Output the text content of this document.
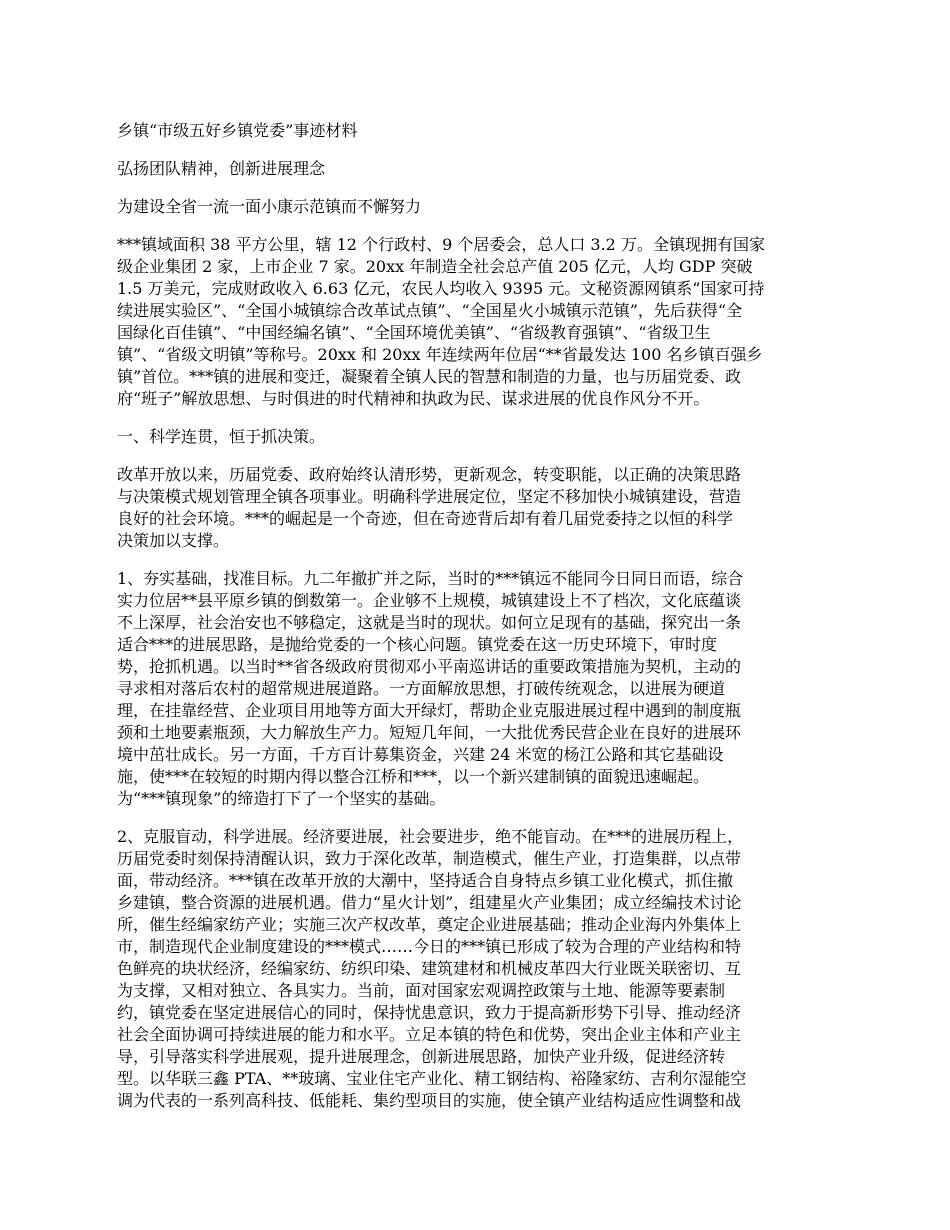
乡镇“市级五好乡镇党委”事迹材料

弘扬团队精神，创新进展理念

为建设全省一流一面小康示范镇而不懈努力

***镇域面积 38 平方公里，辖 12 个行政村、9 个居委会，总人口 3.2 万。全镇现拥有国家
级企业集团 2 家，上市企业 7 家。20xx 年制造全社会总产值 205 亿元，人均 GDP 突破
1.5 万美元，完成财政收入 6.63 亿元，农民人均收入 9395 元。文秘资源网镇系“国家可持
续进展实验区”、“全国小城镇综合改革试点镇”、“全国星火小城镇示范镇”，先后获得“全
国绿化百佳镇”、“中国经编名镇”、“全国环境优美镇”、“省级教育强镇”、“省级卫生
镇”、“省级文明镇”等称号。20xx 和 20xx 年连续两年位居“**省最发达 100 名乡镇百强乡
镇”首位。***镇的进展和变迁，凝聚着全镇人民的智慧和制造的力量，也与历届党委、政
府“班子”解放思想、与时俱进的时代精神和执政为民、谋求进展的优良作风分不开。

一、科学连贯，恒于抓决策。

改革开放以来，历届党委、政府始终认清形势，更新观念，转变职能，以正确的决策思路
与决策模式规划管理全镇各项事业。明确科学进展定位，坚定不移加快小城镇建设，营造
良好的社会环境。***的崛起是一个奇迹，但在奇迹背后却有着几届党委持之以恒的科学
决策加以支撑。
1、夯实基础，找准目标。九二年撤扩并之际，当时的***镇远不能同今日同日而语，综合
实力位居**县平原乡镇的倒数第一。企业够不上规模，城镇建设上不了档次，文化底蕴谈
不上深厚，社会治安也不够稳定，这就是当时的现状。如何立足现有的基础，探究出一条
适合***的进展思路，是抛给党委的一个核心问题。镇党委在这一历史环境下，审时度
势，抢抓机遇。以当时**省各级政府贯彻邓小平南巡讲话的重要政策措施为契机，主动的
寻求相对落后农村的超常规进展道路。一方面解放思想，打破传统观念，以进展为硬道
理，在挂靠经营、企业项目用地等方面大开绿灯，帮助企业克服进展过程中遇到的制度瓶
颈和土地要素瓶颈，大力解放生产力。短短几年间，一大批优秀民营企业在良好的进展环
境中茁壮成长。另一方面，千方百计募集资金，兴建 24 米宽的杨江公路和其它基础设
施，使***在较短的时期内得以整合江桥和***，以一个新兴建制镇的面貌迅速崛起。
为“***镇现象”的缔造打下了一个坚实的基础。
2、克服盲动，科学进展。经济要进展，社会要进步，绝不能盲动。在***的进展历程上，
历届党委时刻保持清醒认识，致力于深化改革，制造模式，催生产业，打造集群，以点带
面，带动经济。***镇在改革开放的大潮中，坚持适合自身特点乡镇工业化模式，抓住撤
乡建镇，整合资源的进展机遇。借力“星火计划”，组建星火产业集团；成立经编技术讨论
所，催生经编家纺产业；实施三次产权改革，奠定企业进展基础；推动企业海内外集体上
市，制造现代企业制度建设的***模式……今日的***镇已形成了较为合理的产业结构和特
色鲜亮的块状经济，经编家纺、纺织印染、建筑建材和机械皮革四大行业既关联密切、互
为支撑，又相对独立、各具实力。当前，面对国家宏观调控政策与土地、能源等要素制
约，镇党委在坚定进展信心的同时，保持忧患意识，致力于提高新形势下引导、推动经济
社会全面协调可持续进展的能力和水平。立足本镇的特色和优势，突出企业主体和产业主
导，引导落实科学进展观，提升进展理念，创新进展思路，加快产业升级，促进经济转
型。以华联三鑫 PTA、**玻璃、宝业住宅产业化、精工钢结构、裕隆家纺、吉利尔湿能空
调为代表的一系列高科技、低能耗、集约型项目的实施，使全镇产业结构适应性调整和战
